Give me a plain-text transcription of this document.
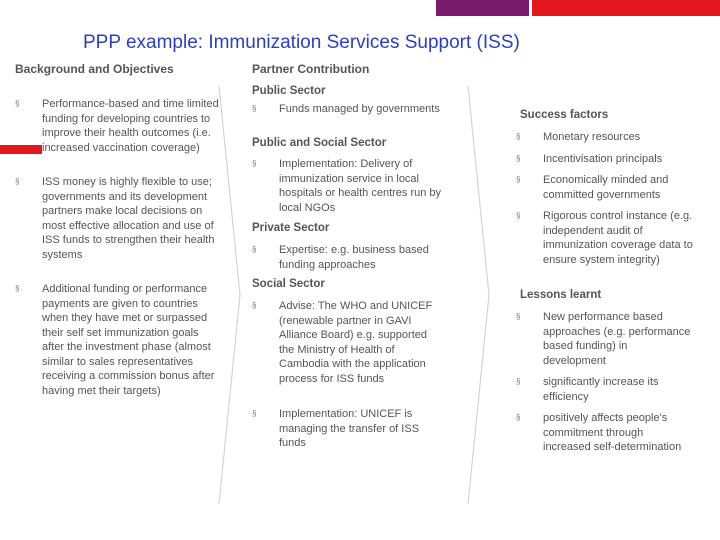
PPP example: Immunization Services Support (ISS)
Background and Objectives
§ Performance-based and time limited funding for developing countries to improve their health outcomes (i.e. increased vaccination coverage)
§ ISS money is highly flexible to use; governments and its development partners make local decisions on most effective allocation and use of ISS funds to strengthen their health systems
§ Additional funding or performance payments are given to countries when they have met or surpassed their self set immunization goals after the investment phase (almost similar to sales representatives receiving a commission bonus after having met their targets)
Partner Contribution
Public Sector
§ Funds managed by governments
Public and Social Sector
§ Implementation: Delivery of immunization service in local hospitals or health centres run by local NGOs
Private Sector
§ Expertise: e.g. business based funding approaches
Social Sector
§ Advise: The WHO and UNICEF (renewable partner in GAVI Alliance Board) e.g. supported the Ministry of Health of Cambodia with the application process for ISS funds
§ Implementation: UNICEF is managing the transfer of ISS funds
Success factors
§ Monetary resources
§ Incentivisation principals
§ Economically minded and committed governments
§ Rigorous control instance (e.g. independent audit of immunization coverage data to ensure system integrity)
Lessons learnt
§ New performance based approaches (e.g. performance based funding) in development
§ significantly increase its efficiency
§ positively affects people's commitment through increased self-determination
